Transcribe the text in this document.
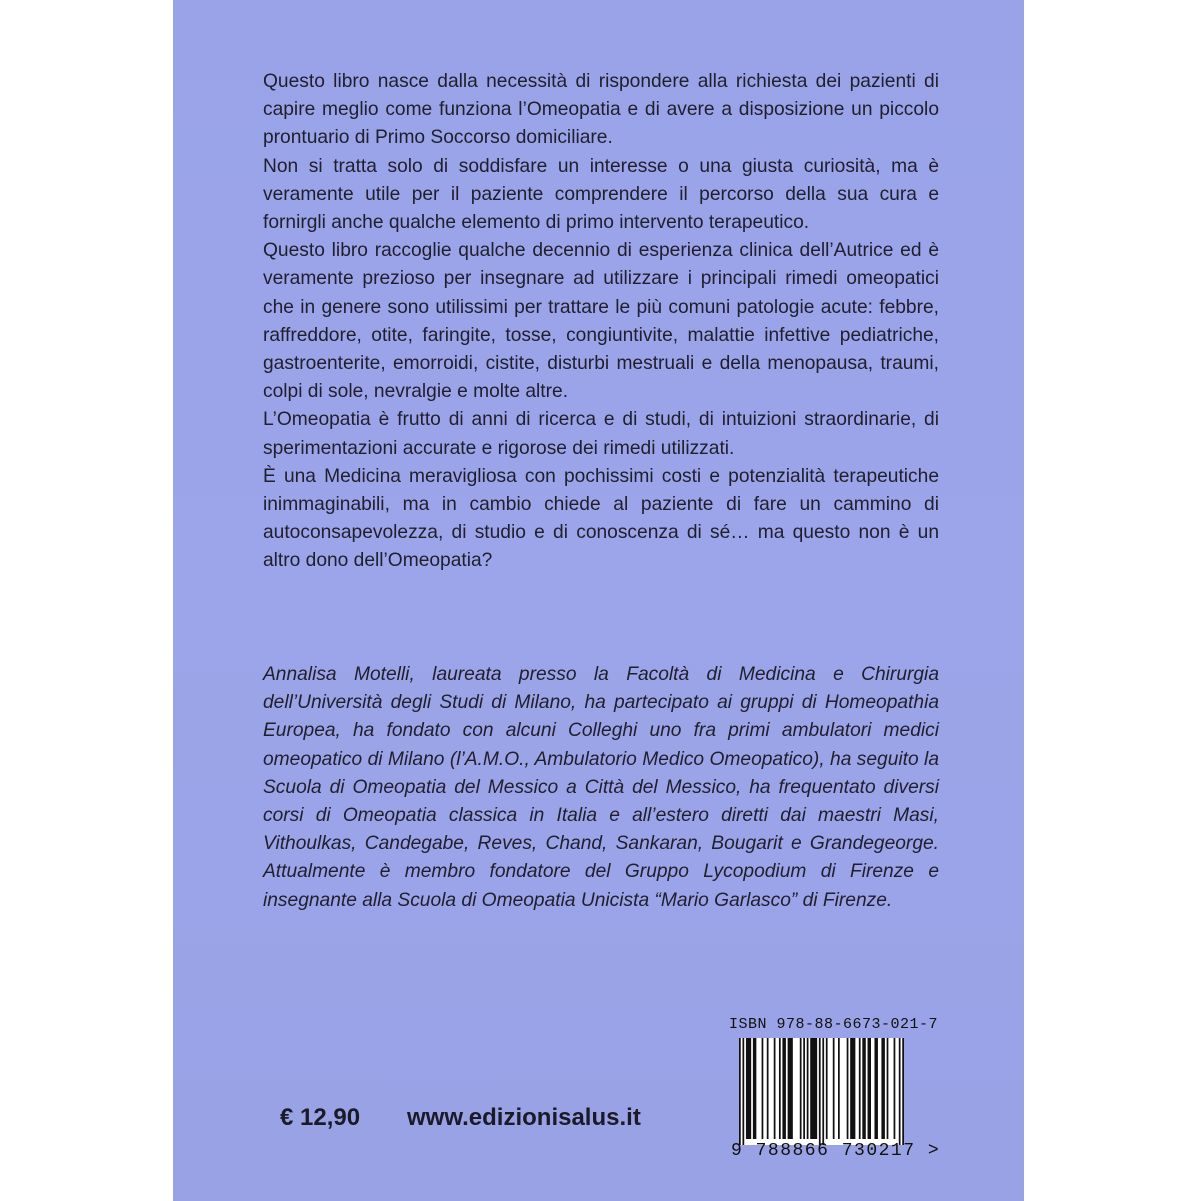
Questo libro nasce dalla necessità di rispondere alla richiesta dei pazienti di capire meglio come funziona l’Omeopatia e di avere a disposizione un piccolo prontuario di Primo Soccorso domiciliare.

Non si tratta solo di soddisfare un interesse o una giusta curiosità, ma è veramente utile per il paziente comprendere il percorso della sua cura e fornirgli anche qualche elemento di primo intervento terapeutico.

Questo libro raccoglie qualche decennio di esperienza clinica dell’Autrice ed è veramente prezioso per insegnare ad utilizzare i principali rimedi omeopatici che in genere sono utilissimi per trattare le più comuni patologie acute: febbre, raffreddore, otite, faringite, tosse, congiuntivite, malattie infettive pediatriche, gastroenterite, emorroidi, cistite, disturbi mestruali e della menopausa, traumi, colpi di sole, nevralgie e molte altre.

L’Omeopatia è frutto di anni di ricerca e di studi, di intuizioni straordinarie, di sperimentazioni accurate e rigorose dei rimedi utilizzati.

È una Medicina meravigliosa con pochissimi costi e potenzialità terapeutiche inimmaginabili, ma in cambio chiede al paziente di fare un cammino di autoconsapevolezza, di studio e di conoscenza di sé… ma questo non è un altro dono dell’Omeopatia?

Annalisa Motelli, laureata presso la Facoltà di Medicina e Chirurgia dell’Università degli Studi di Milano, ha partecipato ai gruppi di Homeopathia Europea, ha fondato con alcuni Colleghi uno fra primi ambulatori medici omeopatico di Milano (l’A.M.O., Ambulatorio Medico Omeopatico), ha seguito la Scuola di Omeopatia del Messico a Città del Messico, ha frequentato diversi corsi di Omeopatia classica in Italia e all’estero diretti dai maestri Masi, Vithoulkas, Candegabe, Reves, Chand, Sankaran, Bougarit e Grandegeorge. Attualmente è membro fondatore del Gruppo Lycopodium di Firenze e insegnante alla Scuola di Omeopatia Unicista “Mario Garlasco” di Firenze.
ISBN 978-88-6673-021-7
9 788866 730217 >
€ 12,90 www.edizionisalus.it
